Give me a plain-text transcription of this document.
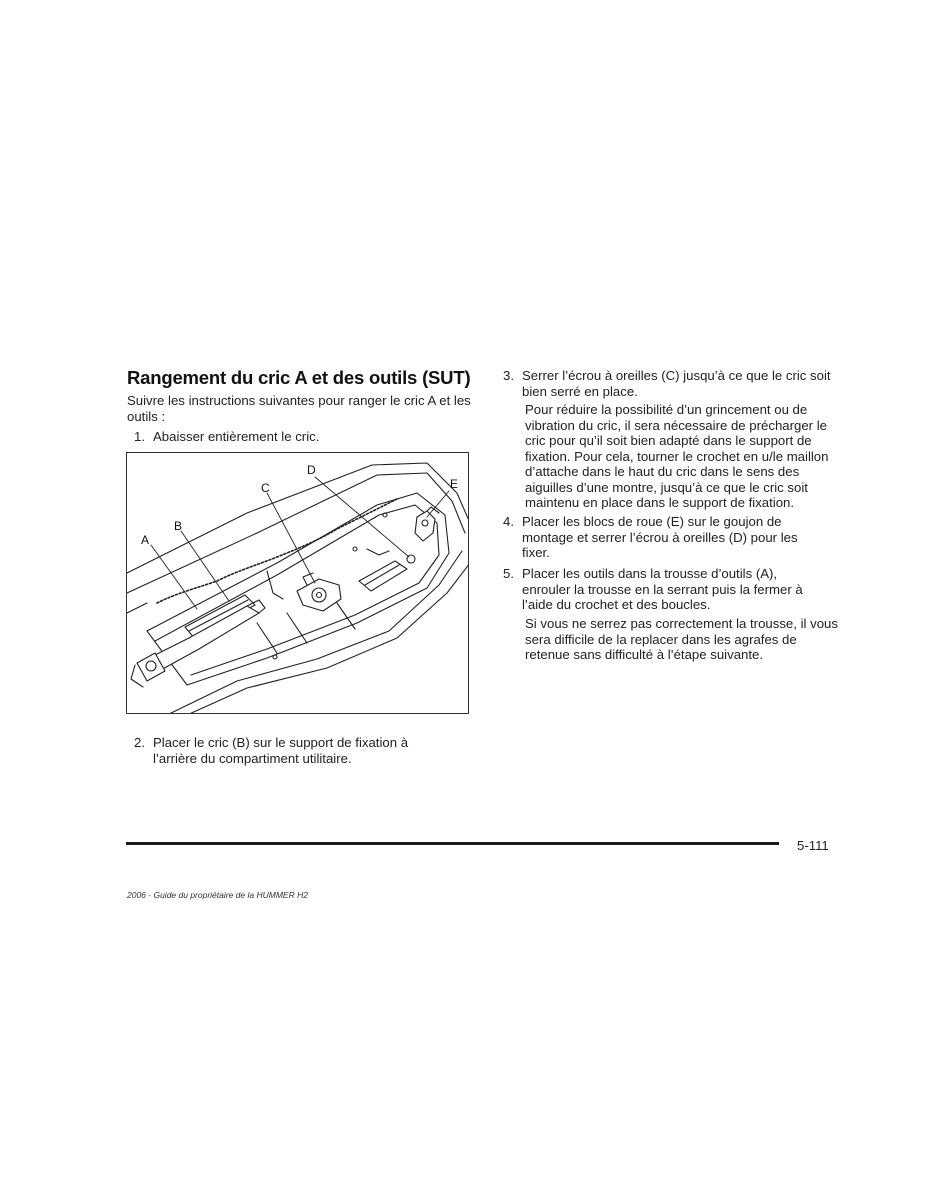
Rangement du cric A et des outils (SUT)
Suivre les instructions suivantes pour ranger le cric A et les outils :
1. Abaisser entièrement le cric.
A
B
C
D
E
2. Placer le cric (B) sur le support de fixation à l’arrière du compartiment utilitaire.
3. Serrer l’écrou à oreilles (C) jusqu’à ce que le cric soit bien serré en place.
Pour réduire la possibilité d’un grincement ou de vibration du cric, il sera nécessaire de précharger le cric pour qu’il soit bien adapté dans le support de fixation. Pour cela, tourner le crochet en u/le maillon d’attache dans le haut du cric dans le sens des aiguilles d’une montre, jusqu’à ce que le cric soit maintenu en place dans le support de fixation.
4. Placer les blocs de roue (E) sur le goujon de montage et serrer l’écrou à oreilles (D) pour les fixer.
5. Placer les outils dans la trousse d’outils (A), enrouler la trousse en la serrant puis la fermer à l’aide du crochet et des boucles.
Si vous ne serrez pas correctement la trousse, il vous sera difficile de la replacer dans les agrafes de retenue sans difficulté à l’étape suivante.
5-111
2006 - Guide du propriétaire de la HUMMER H2
